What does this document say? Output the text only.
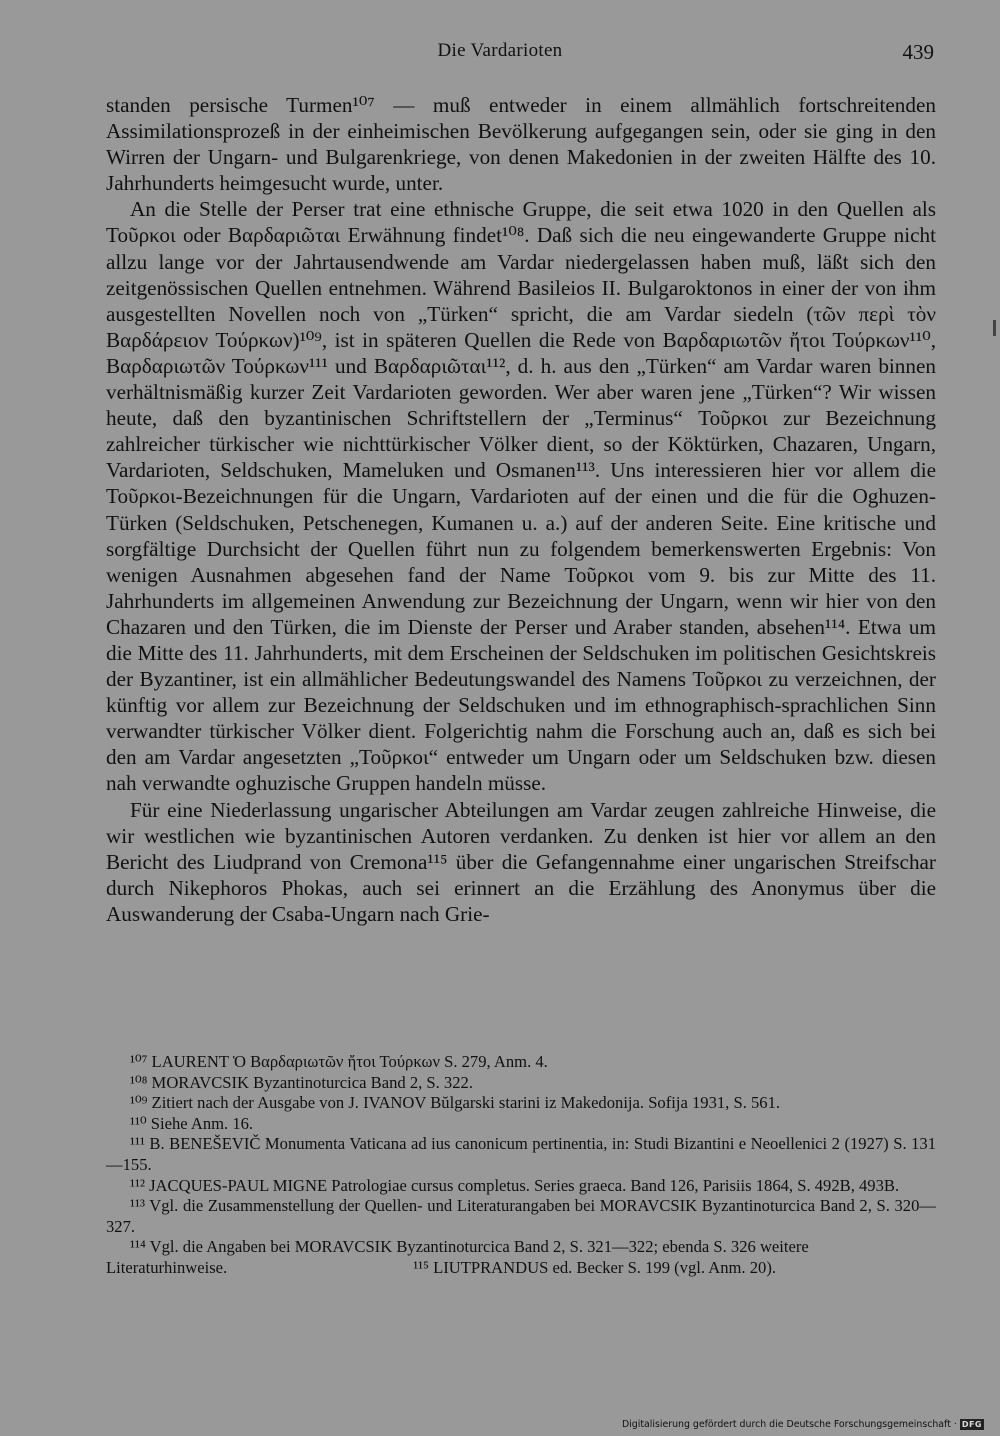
Die Vardarioten	439

standen persische Turmen¹⁰⁷ — muß entweder in einem allmählich fortschreitenden Assimilationsprozeß in der einheimischen Bevölkerung aufgegangen sein, oder sie ging in den Wirren der Ungarn- und Bulgarenkriege, von denen Makedonien in der zweiten Hälfte des 10. Jahrhunderts heimgesucht wurde, unter.

An die Stelle der Perser trat eine ethnische Gruppe, die seit etwa 1020 in den Quellen als Τοῦρκοι oder Βαρδαριῶται Erwähnung findet¹⁰⁸. Daß sich die neu eingewanderte Gruppe nicht allzu lange vor der Jahrtausendwende am Vardar niedergelassen haben muß, läßt sich den zeitgenössischen Quellen entnehmen. Während Basileios II. Bulgaroktonos in einer der von ihm ausgestellten Novellen noch von „Türken“ spricht, die am Vardar siedeln (τῶν περὶ τὸν Βαρδάρειον Τούρκων)¹⁰⁹, ist in späteren Quellen die Rede von Βαρδαριωτῶν ἤτοι Τούρκων¹¹⁰, Βαρδαριωτῶν Τούρκων¹¹¹ und Βαρδαριῶται¹¹², d. h. aus den „Türken“ am Vardar waren binnen verhältnismäßig kurzer Zeit Vardarioten geworden. Wer aber waren jene „Türken“? Wir wissen heute, daß den byzantinischen Schriftstellern der „Terminus“ Τοῦρκοι zur Bezeichnung zahlreicher türkischer wie nichttürkischer Völker dient, so der Köktürken, Chazaren, Ungarn, Vardarioten, Seldschuken, Mameluken und Osmanen¹¹³. Uns interessieren hier vor allem die Τοῦρκοι-Bezeichnungen für die Ungarn, Vardarioten auf der einen und die für die Oghuzen-Türken (Seldschuken, Petschenegen, Kumanen u. a.) auf der anderen Seite. Eine kritische und sorgfältige Durchsicht der Quellen führt nun zu folgendem bemerkenswerten Ergebnis: Von wenigen Ausnahmen abgesehen fand der Name Τοῦρκοι vom 9. bis zur Mitte des 11. Jahrhunderts im allgemeinen Anwendung zur Bezeichnung der Ungarn, wenn wir hier von den Chazaren und den Türken, die im Dienste der Perser und Araber standen, absehen¹¹⁴. Etwa um die Mitte des 11. Jahrhunderts, mit dem Erscheinen der Seldschuken im politischen Gesichtskreis der Byzantiner, ist ein allmählicher Bedeutungswandel des Namens Τοῦρκοι zu verzeichnen, der künftig vor allem zur Bezeichnung der Seldschuken und im ethnographisch-sprachlichen Sinn verwandter türkischer Völker dient. Folgerichtig nahm die Forschung auch an, daß es sich bei den am Vardar angesetzten „Τοῦρκοι“ entweder um Ungarn oder um Seldschuken bzw. diesen nah verwandte oghuzische Gruppen handeln müsse.

Für eine Niederlassung ungarischer Abteilungen am Vardar zeugen zahlreiche Hinweise, die wir westlichen wie byzantinischen Autoren verdanken. Zu denken ist hier vor allem an den Bericht des Liudprand von Cremona¹¹⁵ über die Gefangennahme einer ungarischen Streifschar durch Nikephoros Phokas, auch sei erinnert an die Erzählung des Anonymus über die Auswanderung der Csaba-Ungarn nach Grie-

¹⁰⁷ LAURENT Ὁ Βαρδαριωτῶν ἤτοι Τούρκων S. 279, Anm. 4.

¹⁰⁸ MORAVCSIK Byzantinoturcica Band 2, S. 322.

¹⁰⁹ Zitiert nach der Ausgabe von J. IVANOV Bŭlgarski starini iz Makedonija. Sofija 1931, S. 561.

¹¹⁰ Siehe Anm. 16.

¹¹¹ B. BENEŠEVIČ Monumenta Vaticana ad ius canonicum pertinentia, in: Studi Bizantini e Neoellenici 2 (1927) S. 131—155.

¹¹² JACQUES-PAUL MIGNE Patrologiae cursus completus. Series graeca. Band 126, Parisiis 1864, S. 492B, 493B.

¹¹³ Vgl. die Zusammenstellung der Quellen- und Literaturangaben bei MORAVCSIK Byzantinoturcica Band 2, S. 320—327.

¹¹⁴ Vgl. die Angaben bei MORAVCSIK Byzantinoturcica Band 2, S. 321—322; ebenda S. 326 weitere

Literaturhinweise.	¹¹⁵ LIUTPRANDUS ed. Becker S. 199 (vgl. Anm. 20).
Digitalisierung gefördert durch die Deutsche Forschungsgemeinschaft · DFG
